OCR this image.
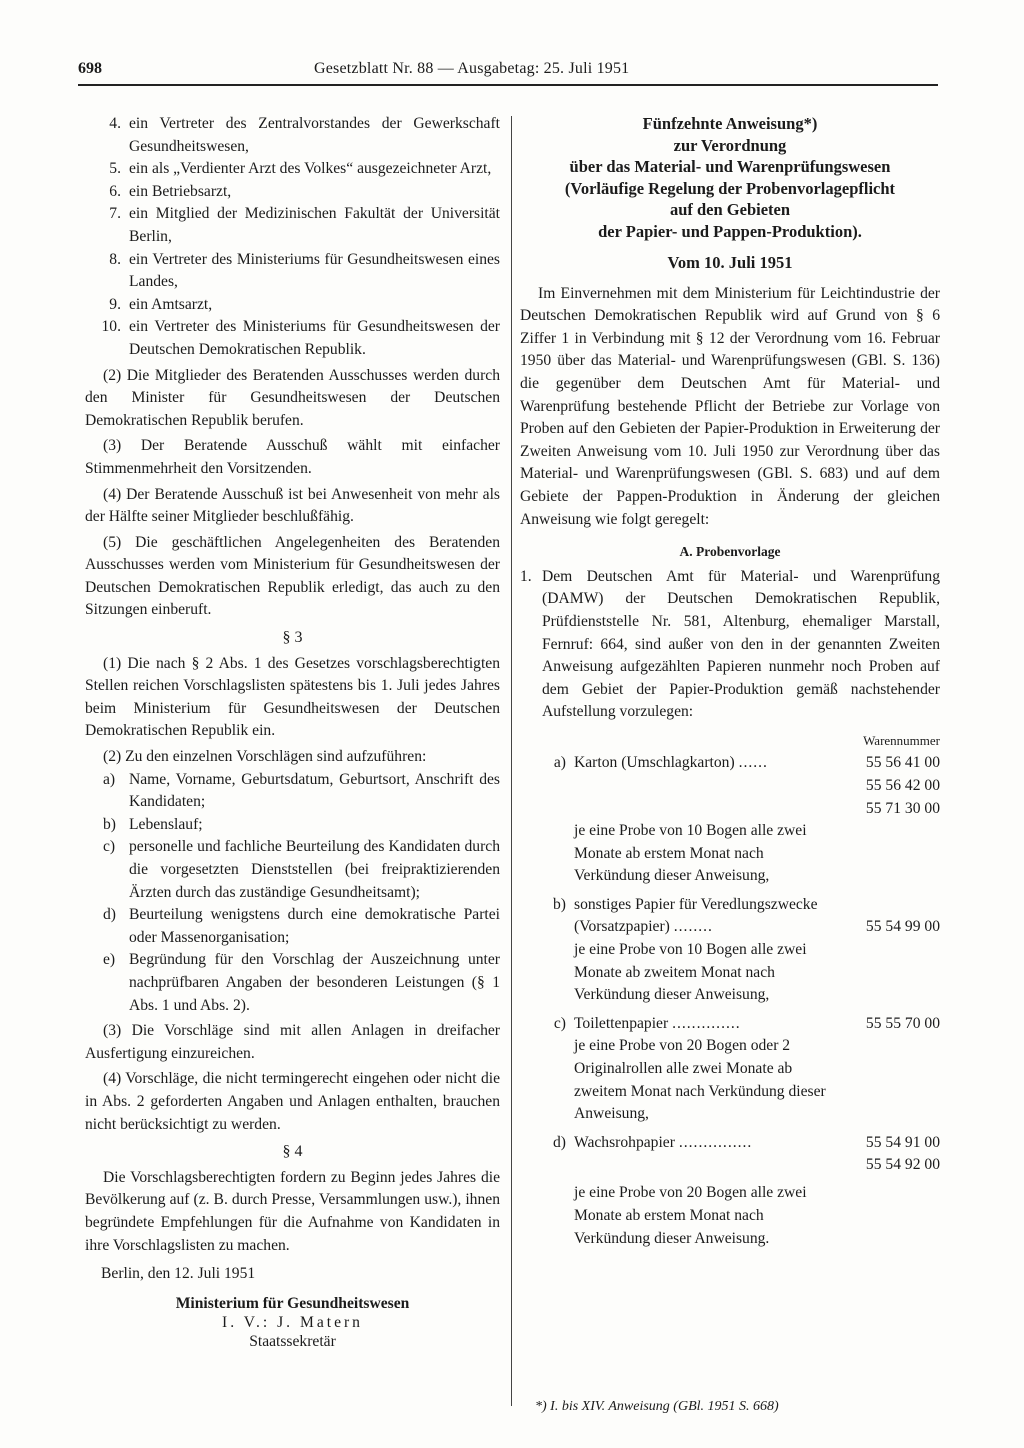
698	Gesetzblatt Nr. 88 — Ausgabetag: 25. Juli 1951

4. ein Vertreter des Zentralvorstandes der Gewerkschaft Gesundheitswesen,

5. ein als „Verdienter Arzt des Volkes“ ausgezeichneter Arzt,

6. ein Betriebsarzt,

7. ein Mitglied der Medizinischen Fakultät der Universität Berlin,

8. ein Vertreter des Ministeriums für Gesundheitswesen eines Landes,

9. ein Amtsarzt,

10. ein Vertreter des Ministeriums für Gesundheitswesen der Deutschen Demokratischen Republik.

(2) Die Mitglieder des Beratenden Ausschusses werden durch den Minister für Gesundheitswesen der Deutschen Demokratischen Republik berufen.

(3) Der Beratende Ausschuß wählt mit einfacher Stimmenmehrheit den Vorsitzenden.

(4) Der Beratende Ausschuß ist bei Anwesenheit von mehr als der Hälfte seiner Mitglieder beschlußfähig.

(5) Die geschäftlichen Angelegenheiten des Beratenden Ausschusses werden vom Ministerium für Gesundheitswesen der Deutschen Demokratischen Republik erledigt, das auch zu den Sitzungen einberuft.

§ 3

(1) Die nach § 2 Abs. 1 des Gesetzes vorschlagsberechtigten Stellen reichen Vorschlagslisten spätestens bis 1. Juli jedes Jahres beim Ministerium für Gesundheitswesen der Deutschen Demokratischen Republik ein.

(2) Zu den einzelnen Vorschlägen sind aufzuführen:

a) Name, Vorname, Geburtsdatum, Geburtsort, Anschrift des Kandidaten;

b) Lebenslauf;

c) personelle und fachliche Beurteilung des Kandidaten durch die vorgesetzten Dienststellen (bei freipraktizierenden Ärzten durch das zuständige Gesundheitsamt);

d) Beurteilung wenigstens durch eine demokratische Partei oder Massenorganisation;

e) Begründung für den Vorschlag der Auszeichnung unter nachprüfbaren Angaben der besonderen Leistungen (§ 1 Abs. 1 und Abs. 2).

(3) Die Vorschläge sind mit allen Anlagen in dreifacher Ausfertigung einzureichen.

(4) Vorschläge, die nicht termingerecht eingehen oder nicht die in Abs. 2 geforderten Angaben und Anlagen enthalten, brauchen nicht berücksichtigt zu werden.

§ 4

Die Vorschlagsberechtigten fordern zu Beginn jedes Jahres die Bevölkerung auf (z. B. durch Presse, Versammlungen usw.), ihnen begründete Empfehlungen für die Aufnahme von Kandidaten in ihre Vorschlagslisten zu machen.

Berlin, den 12. Juli 1951

Ministerium für Gesundheitswesen
I. V.: J. Matern
Staatssekretär
Fünfzehnte Anweisung*)
zur Verordnung
über das Material- und Warenprüfungswesen
(Vorläufige Regelung der Probenvorlagepflicht
auf den Gebieten
der Papier- und Pappen-Produktion).

Vom 10. Juli 1951

Im Einvernehmen mit dem Ministerium für Leichtindustrie der Deutschen Demokratischen Republik wird auf Grund von § 6 Ziffer 1 in Verbindung mit § 12 der Verordnung vom 16. Februar 1950 über das Material- und Warenprüfungswesen (GBl. S. 136) die gegenüber dem Deutschen Amt für Material- und Warenprüfung bestehende Pflicht der Betriebe zur Vorlage von Proben auf den Gebieten der Papier-Produktion in Erweiterung der Zweiten Anweisung vom 10. Juli 1950 zur Verordnung über das Material- und Warenprüfungswesen (GBl. S. 683) und auf dem Gebiete der Pappen-Produktion in Änderung der gleichen Anweisung wie folgt geregelt:

A. Probenvorlage

1. Dem Deutschen Amt für Material- und Warenprüfung (DAMW) der Deutschen Demokratischen Republik, Prüfdienststelle Nr. 581, Altenburg, ehemaliger Marstall, Fernruf: 664, sind außer von den in der genannten Zweiten Anweisung aufgezählten Papieren nunmehr noch Proben auf dem Gebiet der Papier-Produktion gemäß nachstehender Aufstellung vorzulegen:

Warennummer

a) Karton (Umschlagkarton) ......	55 56 41 00
55 56 42 00
55 71 30 00
je eine Probe von 10 Bogen alle zwei Monate ab erstem Monat nach Verkündung dieser Anweisung,
b) sonstiges Papier für Veredlungszwecke (Vorsatzpapier) ........	55 54 99 00
je eine Probe von 10 Bogen alle zwei Monate ab zweitem Monat nach Verkündung dieser Anweisung,
c) Toilettenpapier ..............	55 55 70 00
je eine Probe von 20 Bogen oder 2 Originalrollen alle zwei Monate ab zweitem Monat nach Verkündung dieser Anweisung,
d) Wachsrohpapier ...............	55 54 91 00
55 54 92 00
je eine Probe von 20 Bogen alle zwei Monate ab erstem Monat nach Verkündung dieser Anweisung.

*) I. bis XIV. Anweisung (GBl. 1951 S. 668)
